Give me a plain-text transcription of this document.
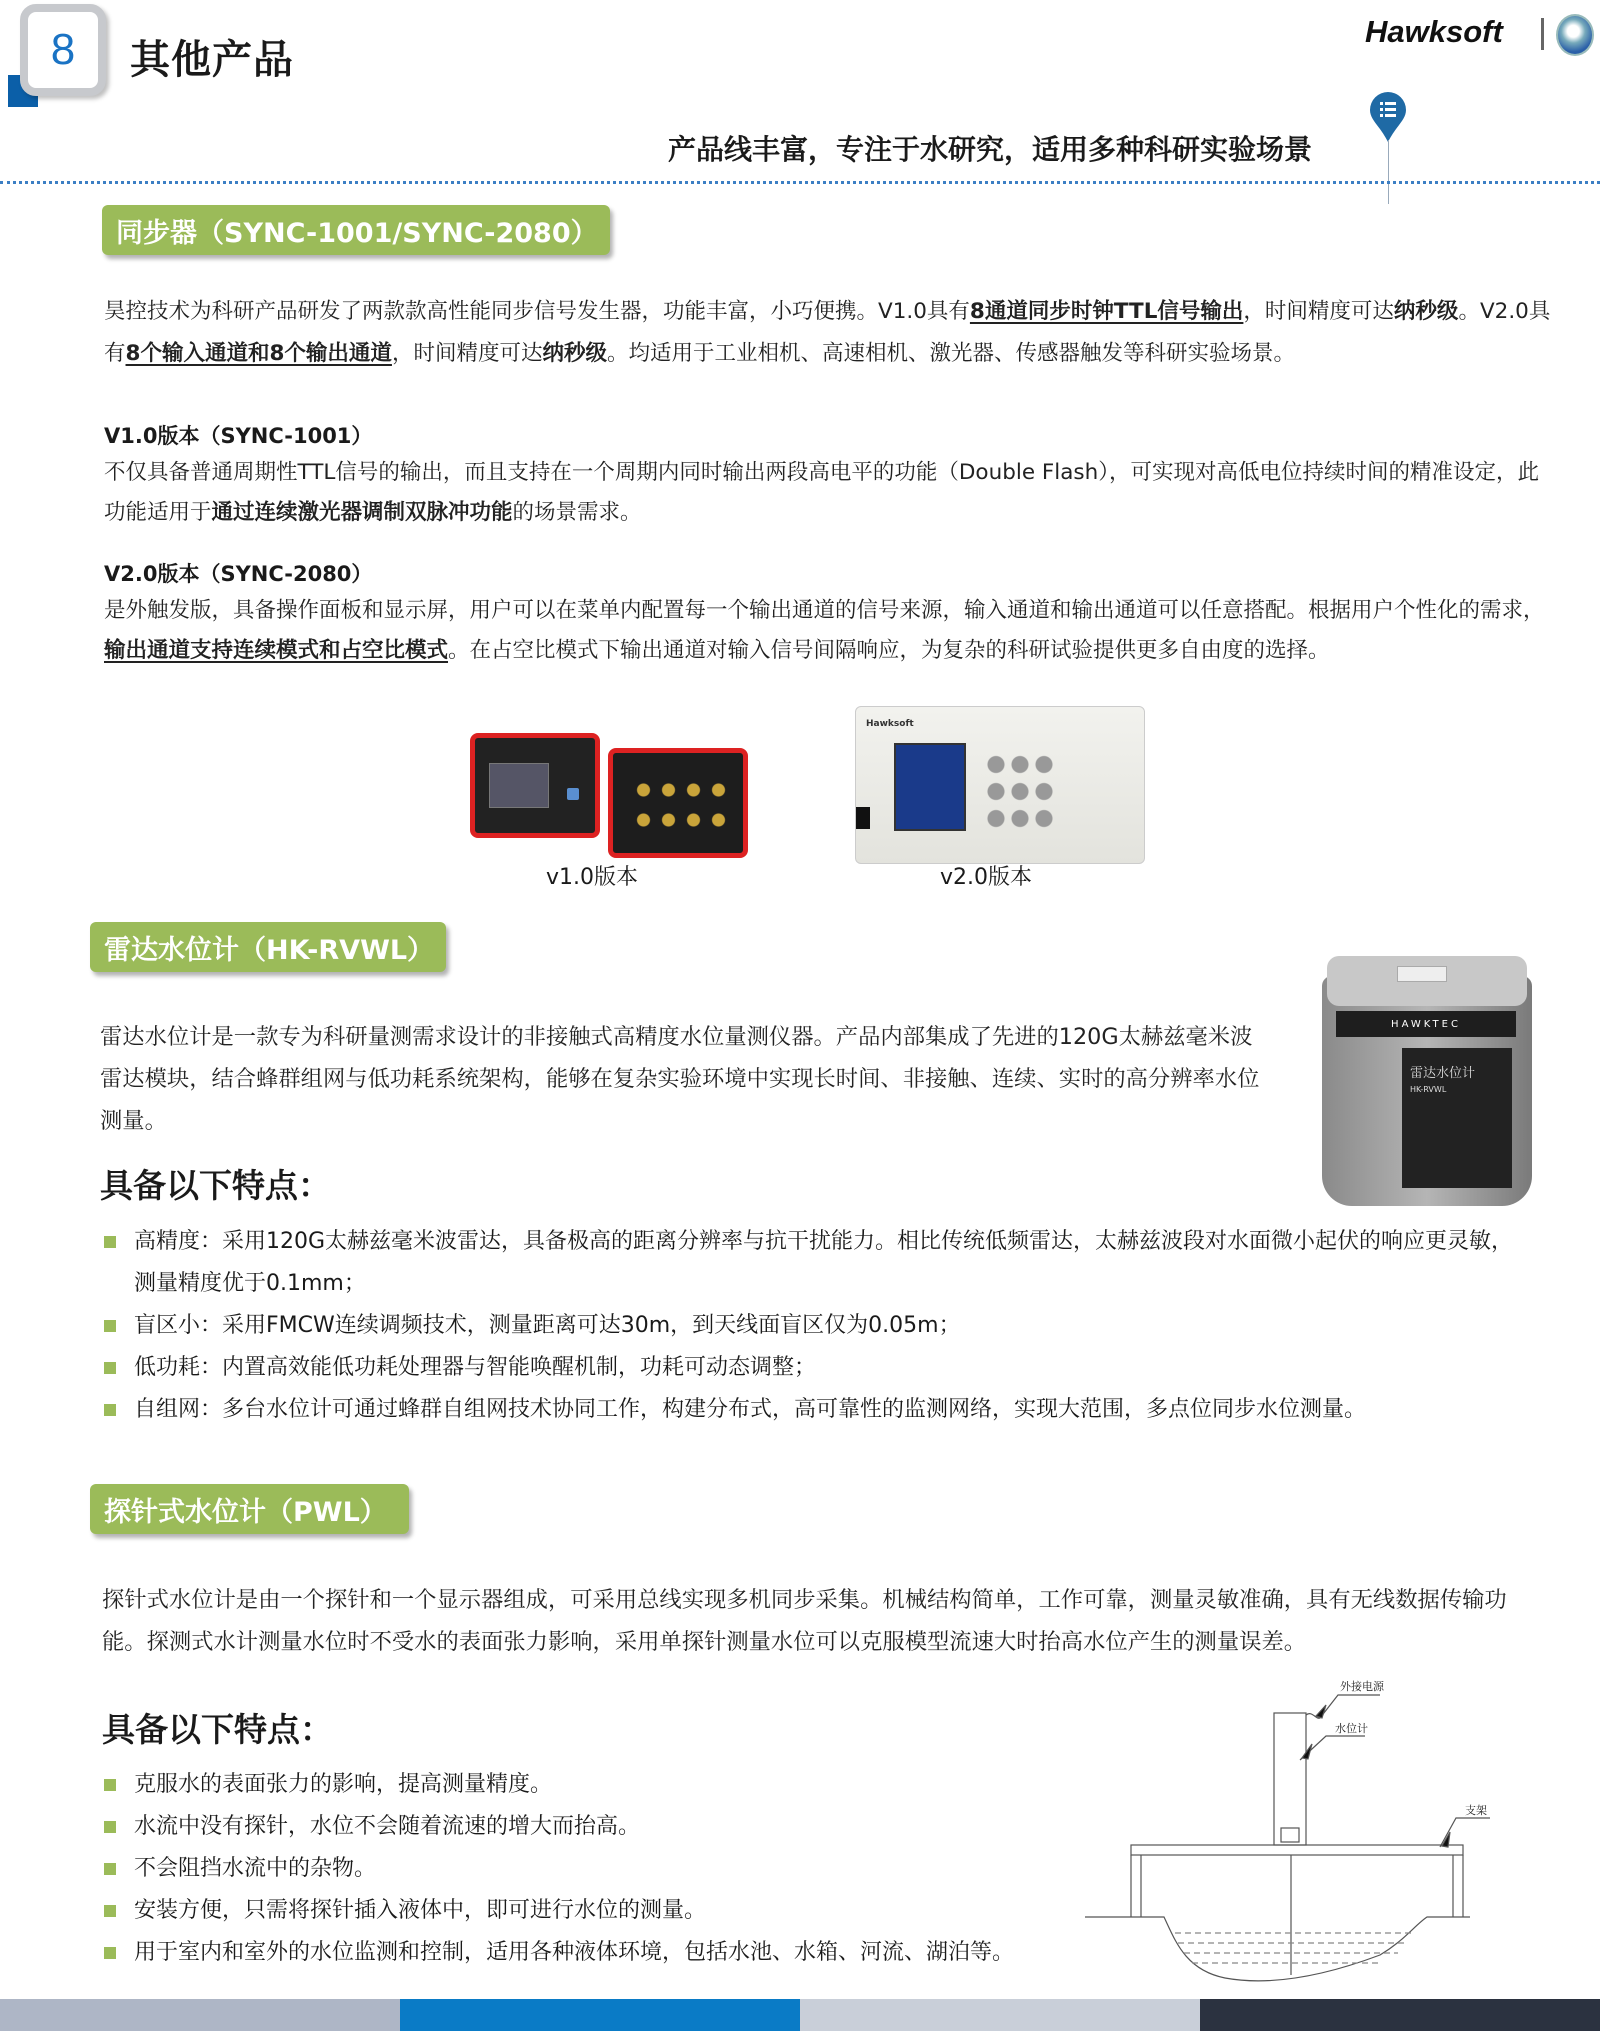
8 其他产品
Hawksoft
产品线丰富，专注于水研究，适用多种科研实验场景
同步器（SYNC-1001/SYNC-2080）
昊控技术为科研产品研发了两款款高性能同步信号发生器，功能丰富，小巧便携。V1.0具有8通道同步时钟TTL信号输出，时间精度可达纳秒级。V2.0具有8个输入通道和8个输出通道，时间精度可达纳秒级。均适用于工业相机、高速相机、激光器、传感器触发等科研实验场景。
V1.0版本（SYNC-1001）
不仅具备普通周期性TTL信号的输出，而且支持在一个周期内同时输出两段高电平的功能（Double Flash），可实现对高低电位持续时间的精准设定，此功能适用于通过连续激光器调制双脉冲功能的场景需求。
V2.0版本（SYNC-2080）
是外触发版，具备操作面板和显示屏，用户可以在菜单内配置每一个输出通道的信号来源，输入通道和输出通道可以任意搭配。根据用户个性化的需求，输出通道支持连续模式和占空比模式。在占空比模式下输出通道对输入信号间隔响应，为复杂的科研试验提供更多自由度的选择。
v1.0版本
Hawksoft
v2.0版本
雷达水位计（HK-RVWL）
雷达水位计是一款专为科研量测需求设计的非接触式高精度水位量测仪器。产品内部集成了先进的120G太赫兹毫米波雷达模块，结合蜂群组网与低功耗系统架构，能够在复杂实验环境中实现长时间、非接触、连续、实时的高分辨率水位测量。
HAWKTEC
雷达水位计
HK-RVWL
具备以下特点：
高精度：采用120G太赫兹毫米波雷达，具备极高的距离分辨率与抗干扰能力。相比传统低频雷达，太赫兹波段对水面微小起伏的响应更灵敏，测量精度优于0.1mm；
盲区小：采用FMCW连续调频技术，测量距离可达30m，到天线面盲区仅为0.05m；
低功耗：内置高效能低功耗处理器与智能唤醒机制，功耗可动态调整；
自组网：多台水位计可通过蜂群自组网技术协同工作，构建分布式，高可靠性的监测网络，实现大范围，多点位同步水位测量。
探针式水位计（PWL）
探针式水位计是由一个探针和一个显示器组成，可采用总线实现多机同步采集。机械结构简单，工作可靠，测量灵敏准确，具有无线数据传输功能。探测式水计测量水位时不受水的表面张力影响，采用单探针测量水位可以克服模型流速大时抬高水位产生的测量误差。
具备以下特点：
克服水的表面张力的影响，提高测量精度。
水流中没有探针，水位不会随着流速的增大而抬高。
不会阻挡水流中的杂物。
安装方便，只需将探针插入液体中，即可进行水位的测量。
用于室内和室外的水位监测和控制，适用各种液体环境，包括水池、水箱、河流、湖泊等。
外接电源
水位计
支架
